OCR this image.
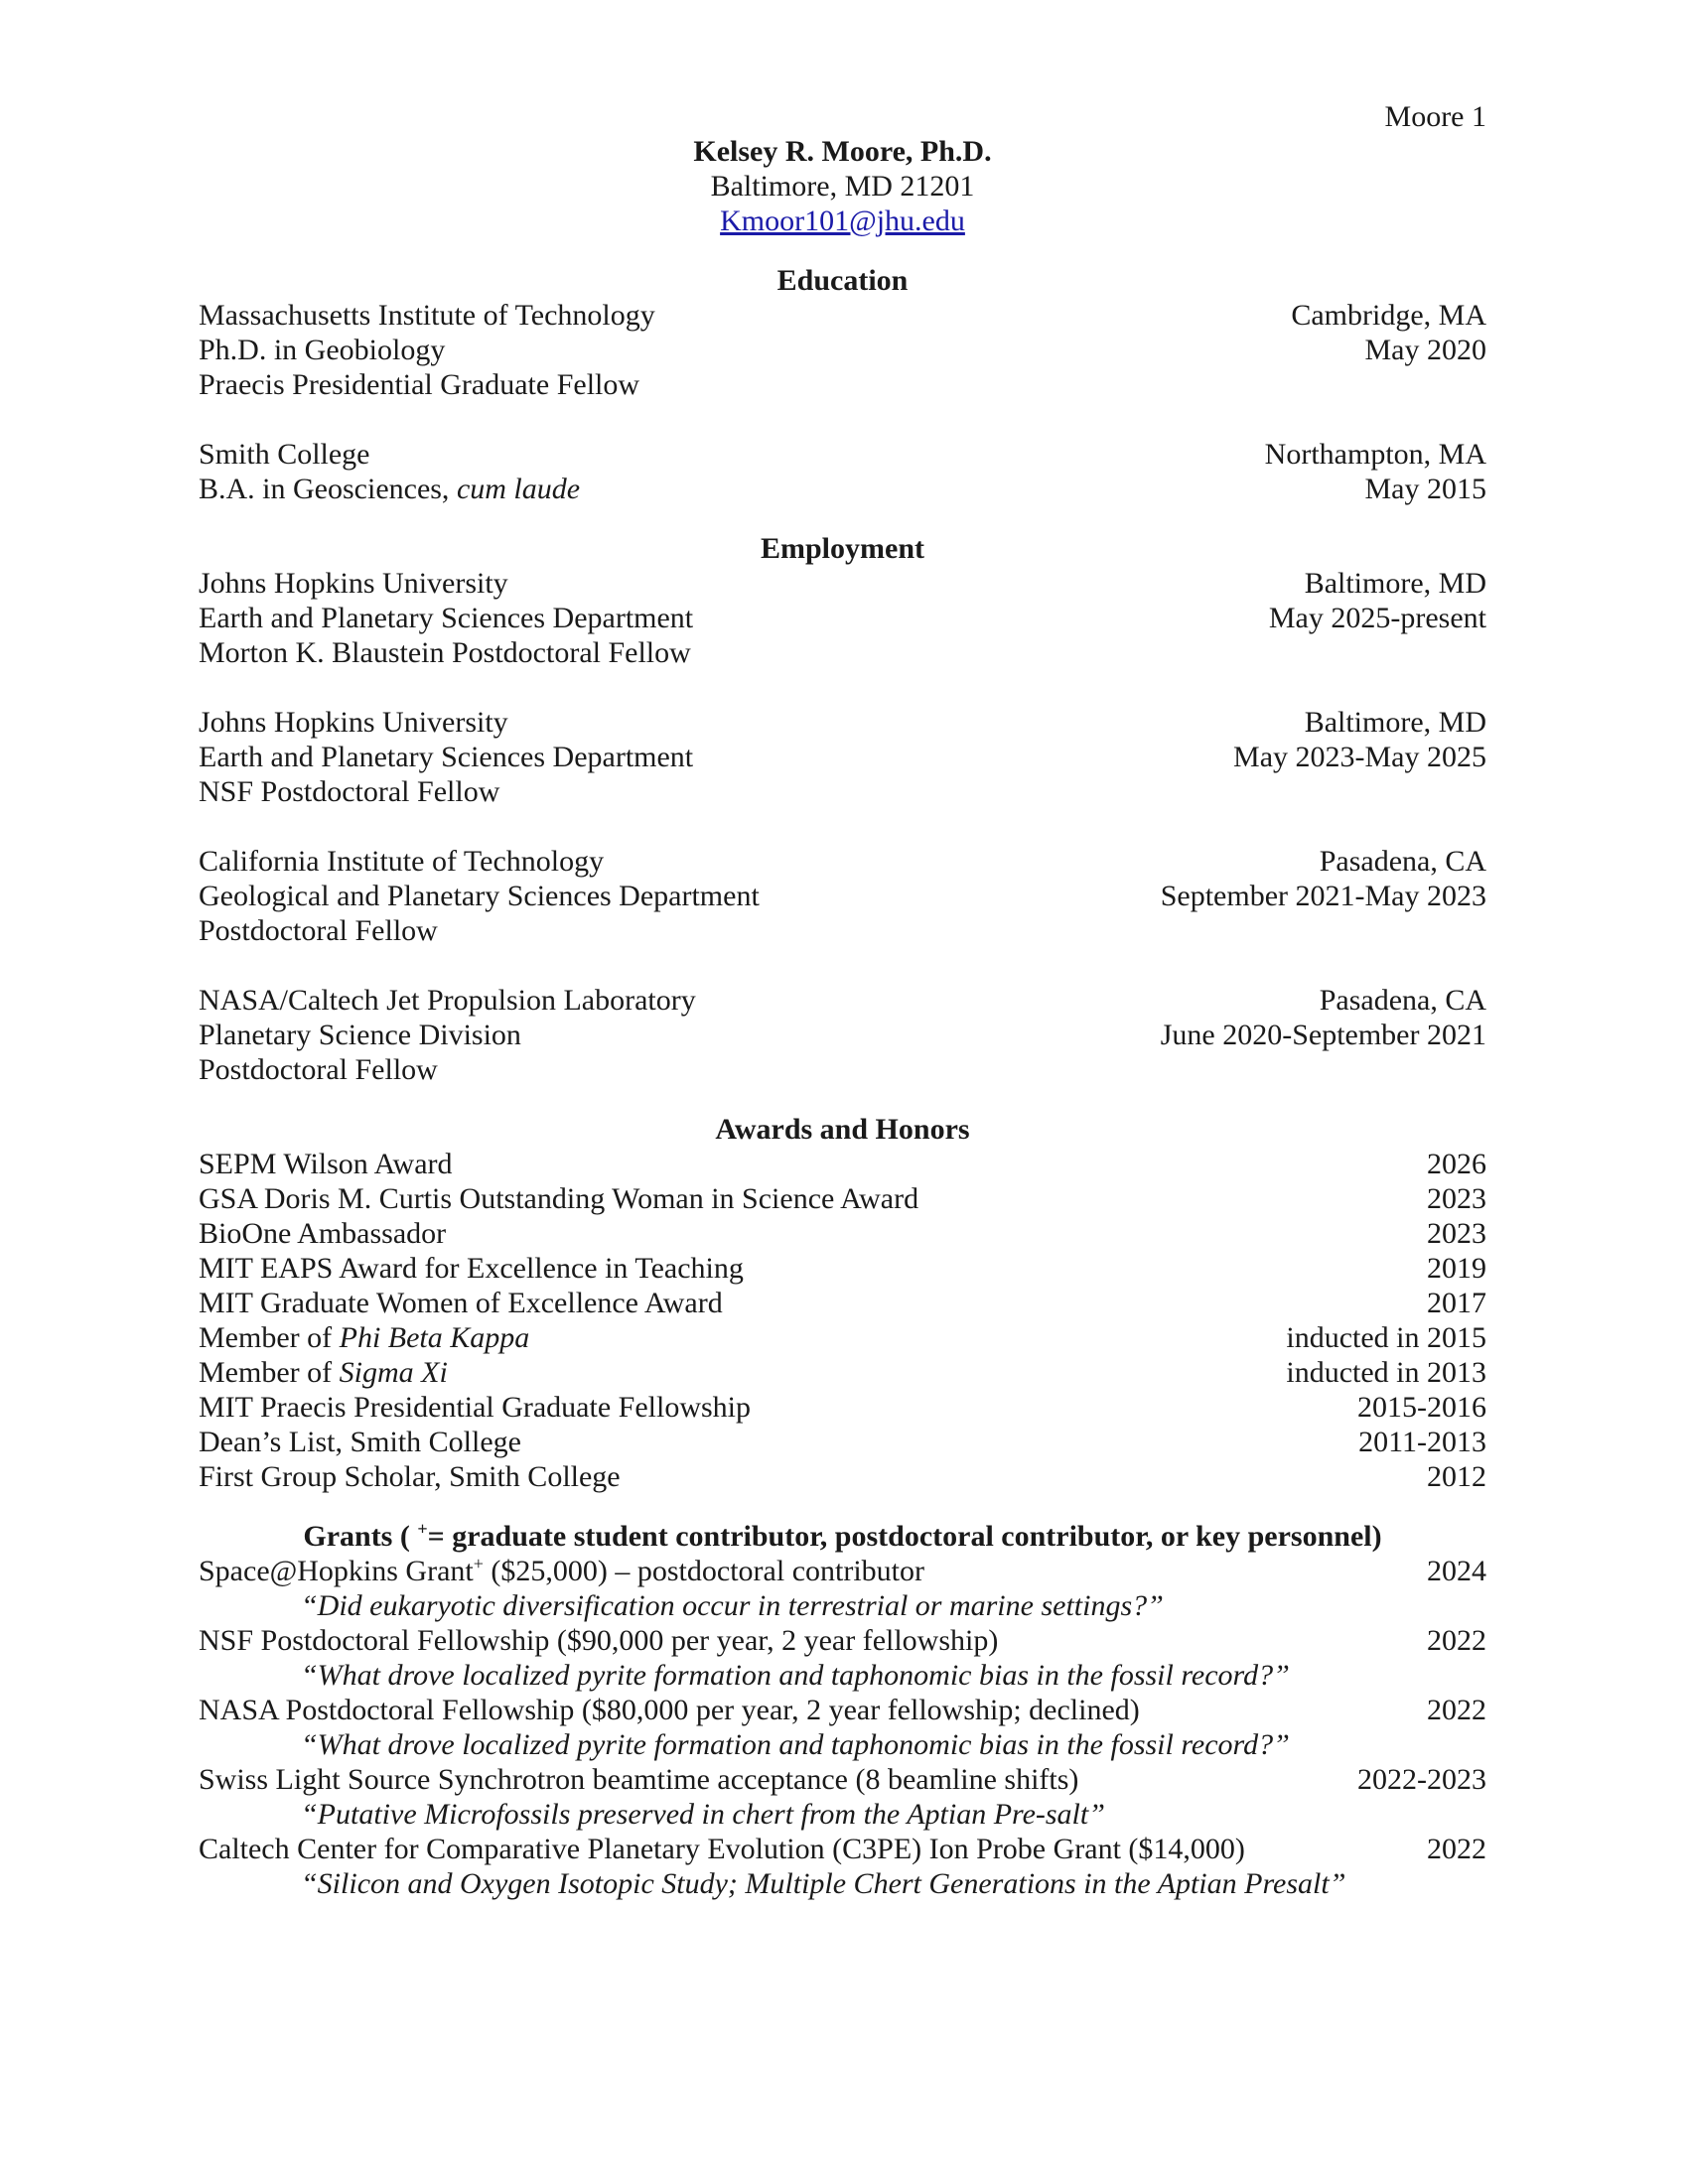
Moore 1
Kelsey R. Moore, Ph.D.
Baltimore, MD 21201
Kmoor101@jhu.edu
Education
Massachusetts Institute of Technology	Cambridge, MA
Ph.D. in Geobiology	May 2020
Praecis Presidential Graduate Fellow
Smith College	Northampton, MA
B.A. in Geosciences, cum laude	May 2015
Employment
Johns Hopkins University	Baltimore, MD
Earth and Planetary Sciences Department	May 2025-present
Morton K. Blaustein Postdoctoral Fellow
Johns Hopkins University	Baltimore, MD
Earth and Planetary Sciences Department	May 2023-May 2025
NSF Postdoctoral Fellow
California Institute of Technology	Pasadena, CA
Geological and Planetary Sciences Department	September 2021-May 2023
Postdoctoral Fellow
NASA/Caltech Jet Propulsion Laboratory	Pasadena, CA
Planetary Science Division	June 2020-September 2021
Postdoctoral Fellow
Awards and Honors
SEPM Wilson Award	2026
GSA Doris M. Curtis Outstanding Woman in Science Award	2023
BioOne Ambassador	2023
MIT EAPS Award for Excellence in Teaching	2019
MIT Graduate Women of Excellence Award	2017
Member of Phi Beta Kappa	inducted in 2015
Member of Sigma Xi	inducted in 2013
MIT Praecis Presidential Graduate Fellowship	2015-2016
Dean’s List, Smith College	2011-2013
First Group Scholar, Smith College	2012
Grants ( += graduate student contributor, postdoctoral contributor, or key personnel)
Space@Hopkins Grant+ ($25,000) – postdoctoral contributor	2024
“Did eukaryotic diversification occur in terrestrial or marine settings?”
NSF Postdoctoral Fellowship ($90,000 per year, 2 year fellowship)	2022
“What drove localized pyrite formation and taphonomic bias in the fossil record?”
NASA Postdoctoral Fellowship ($80,000 per year, 2 year fellowship; declined)	2022
“What drove localized pyrite formation and taphonomic bias in the fossil record?”
Swiss Light Source Synchrotron beamtime acceptance (8 beamline shifts)	2022-2023
“Putative Microfossils preserved in chert from the Aptian Pre-salt”
Caltech Center for Comparative Planetary Evolution (C3PE) Ion Probe Grant ($14,000)	2022
“Silicon and Oxygen Isotopic Study; Multiple Chert Generations in the Aptian Presalt”
